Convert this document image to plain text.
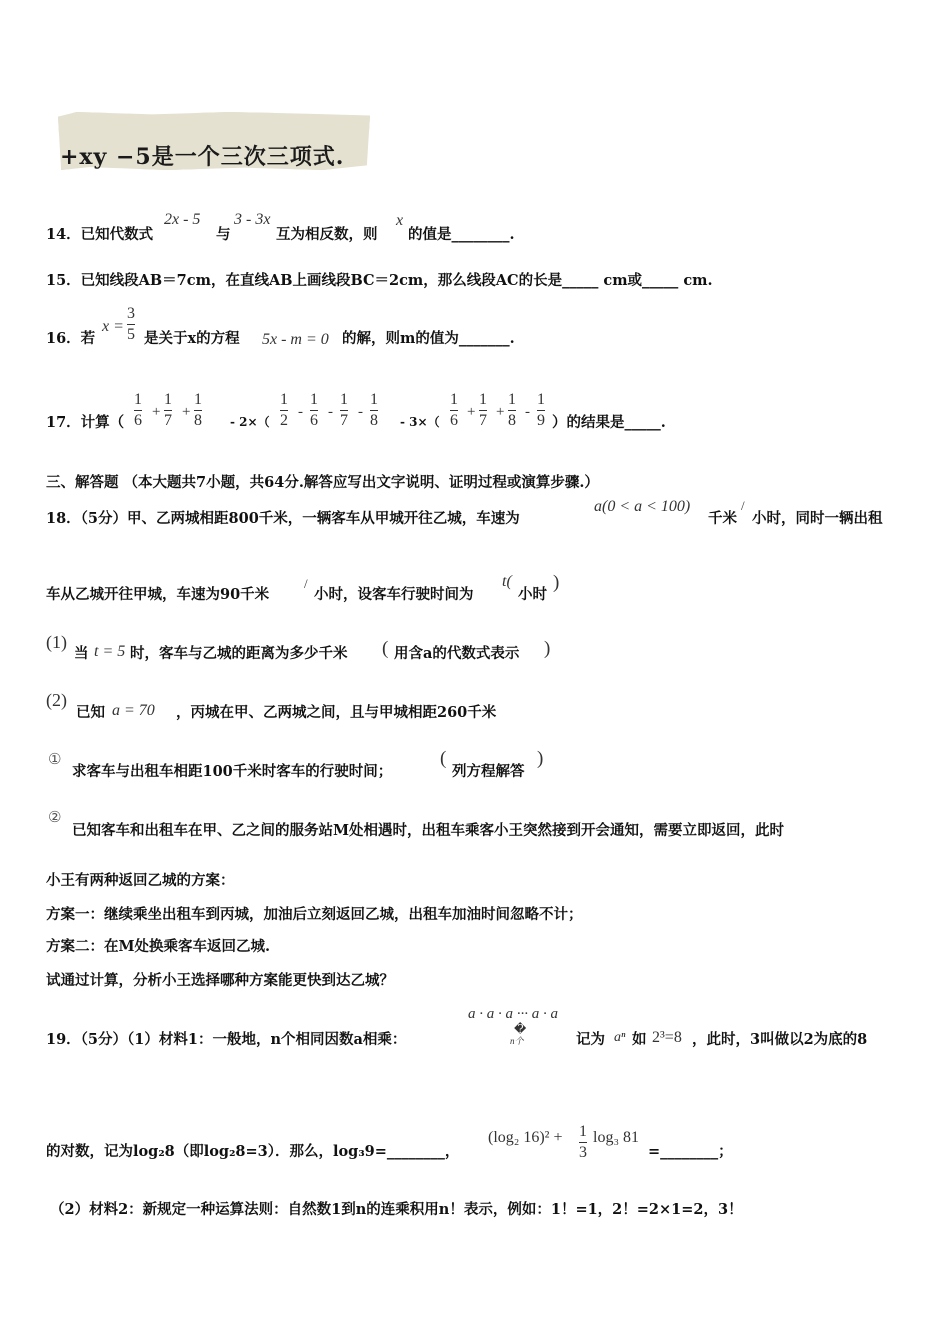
+xy −5是一个三次三项式.
14．已知代数式
2x - 5
与
3 - 3x
互为相反数，则
x
的值是________.
15．已知线段AB＝7cm，在直线AB上画线段BC＝2cm，那么线段AC的长是_____ cm或_____ cm.
16．若
x =
3
5 是关于x的方程 5x - m = 0 的解，则m的值为_______.
17．计算（	- 2×（	- 3×（	）的结果是_____.
三、解答题 （本大题共7小题，共64分.解答应写出文字说明、证明过程或演算步骤.）
18．（5分）甲、乙两城相距800千米，一辆客车从甲城开往乙城，车速为
a(0 < a < 100)
千米
/
小时，同时一辆出租
车从乙城开往甲城，车速为90千米
/
小时，设客车行驶时间为
t(
小时
)
(1)
当 t = 5 时，客车与乙城的距离为多少千米 ( 用含a的代数式表示 )
(2)
已知 a = 70 ，丙城在甲、乙两城之间，且与甲城相距260千米
①
求客车与出租车相距100千米时客车的行驶时间；
(
列方程解答
)
②
已知客车和出租车在甲、乙之间的服务站M处相遇时，出租车乘客小王突然接到开会通知，需要立即返回，此时
小王有两种返回乙城的方案：
方案一：继续乘坐出租车到丙城，加油后立刻返回乙城，出租车加油时间忽略不计；
方案二：在M处换乘客车返回乙城.
试通过计算，分析小王选择哪种方案能更快到达乙城？
a · a · a ··· a · a
�
n个
19．（5分）（1）材料1：一般地，n个相同因数a相乘：	记为 aⁿ 如 2³=8 ，此时，3叫做以2为底的8
的对数，记为log₂8（即log₂8=3）．那么，log₃9=________，
(log₂ 16)² + 1
3
log₃ 81
=________；
（2）材料2：新规定一种运算法则：自然数1到n的连乘积用n！表示，例如：1！=1，2！=2×1=2，3！
1
6 +
1
7 +
1
8
1
2 -
1
6 -
1
7 -
1
8
1
6 +
1
7 +
1
8 -
1
9
